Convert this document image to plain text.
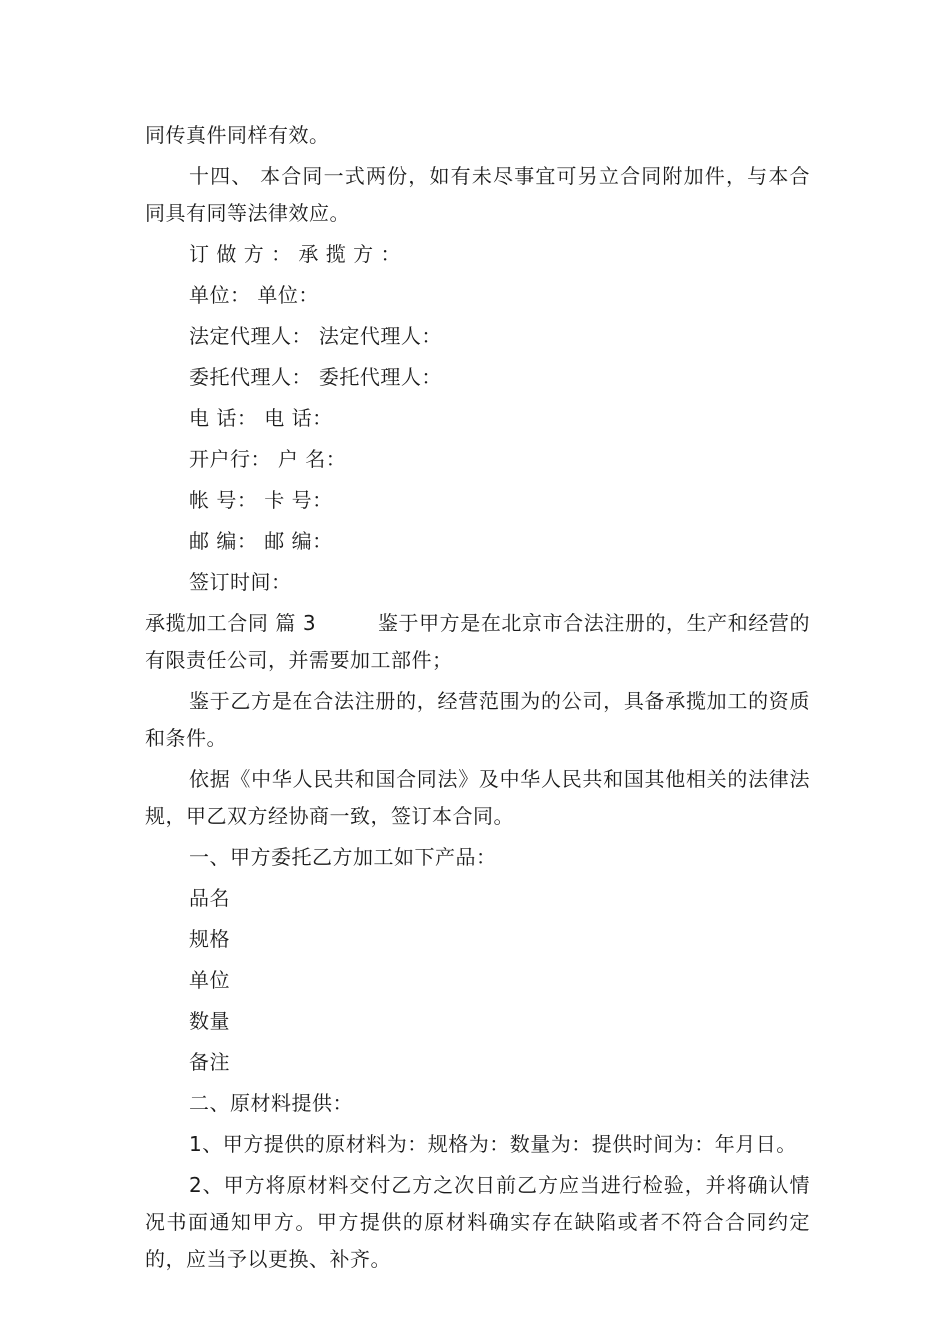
同传真件同样有效。

十四、 本合同一式两份，如有未尽事宜可另立合同附加件，与本合同具有同等法律效应。

订 做 方 ： 承 揽 方 ：

单位： 单位：

法定代理人： 法定代理人：

委托代理人： 委托代理人：

电 话： 电 话：

开户行： 户 名：

帐 号： 卡 号：

邮 编： 邮 编：

签订时间：

承揽加工合同 篇 3　　　鉴于甲方是在北京市合法注册的，生产和经营的有限责任公司，并需要加工部件；

鉴于乙方是在合法注册的，经营范围为的公司，具备承揽加工的资质和条件。

依据《中华人民共和国合同法》及中华人民共和国其他相关的法律法规，甲乙双方经协商一致，签订本合同。

一、甲方委托乙方加工如下产品：

品名

规格

单位

数量

备注

二、原材料提供：

1、甲方提供的原材料为：规格为：数量为：提供时间为：年月日。

2、甲方将原材料交付乙方之次日前乙方应当进行检验，并将确认情况书面通知甲方。甲方提供的原材料确实存在缺陷或者不符合合同约定的，应当予以更换、补齐。
